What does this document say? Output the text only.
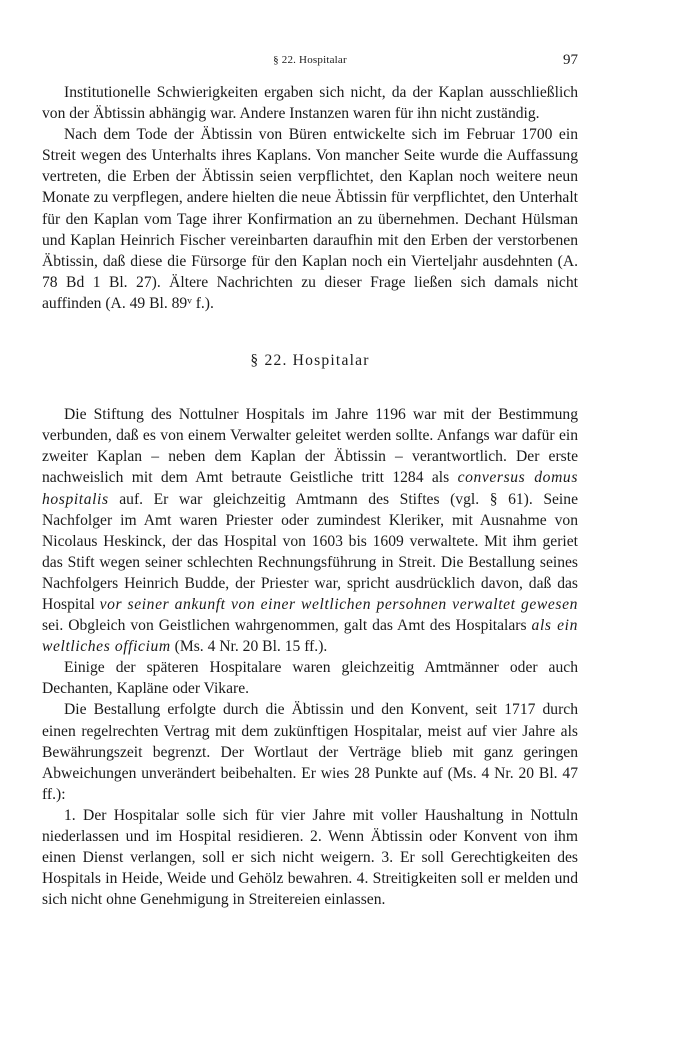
§ 22. Hospitalar	97

Institutionelle Schwierigkeiten ergaben sich nicht, da der Kaplan ausschließlich von der Äbtissin abhängig war. Andere Instanzen waren für ihn nicht zuständig.

Nach dem Tode der Äbtissin von Büren entwickelte sich im Februar 1700 ein Streit wegen des Unterhalts ihres Kaplans. Von mancher Seite wurde die Auffassung vertreten, die Erben der Äbtissin seien verpflichtet, den Kaplan noch weitere neun Monate zu verpflegen, andere hielten die neue Äbtissin für verpflichtet, den Unterhalt für den Kaplan vom Tage ihrer Konfirmation an zu übernehmen. Dechant Hülsman und Kaplan Heinrich Fischer vereinbarten daraufhin mit den Erben der verstorbenen Äbtissin, daß diese die Fürsorge für den Kaplan noch ein Vierteljahr ausdehnten (A. 78 Bd 1 Bl. 27). Ältere Nachrichten zu dieser Frage ließen sich damals nicht auffinden (A. 49 Bl. 89ᵛ f.).

§ 22. Hospitalar

Die Stiftung des Nottulner Hospitals im Jahre 1196 war mit der Bestimmung verbunden, daß es von einem Verwalter geleitet werden sollte. Anfangs war dafür ein zweiter Kaplan – neben dem Kaplan der Äbtissin – verantwortlich. Der erste nachweislich mit dem Amt betraute Geistliche tritt 1284 als conversus domus hospitalis auf. Er war gleichzeitig Amtmann des Stiftes (vgl. § 61). Seine Nachfolger im Amt waren Priester oder zumindest Kleriker, mit Ausnahme von Nicolaus Heskinck, der das Hospital von 1603 bis 1609 verwaltete. Mit ihm geriet das Stift wegen seiner schlechten Rechnungsführung in Streit. Die Bestallung seines Nachfolgers Heinrich Budde, der Priester war, spricht ausdrücklich davon, daß das Hospital vor seiner ankunft von einer weltlichen persohnen verwaltet gewesen sei. Obgleich von Geistlichen wahrgenommen, galt das Amt des Hospitalars als ein weltliches officium (Ms. 4 Nr. 20 Bl. 15 ff.).

Einige der späteren Hospitalare waren gleichzeitig Amtmänner oder auch Dechanten, Kapläne oder Vikare.

Die Bestallung erfolgte durch die Äbtissin und den Konvent, seit 1717 durch einen regelrechten Vertrag mit dem zukünftigen Hospitalar, meist auf vier Jahre als Bewährungszeit begrenzt. Der Wortlaut der Verträge blieb mit ganz geringen Abweichungen unverändert beibehalten. Er wies 28 Punkte auf (Ms. 4 Nr. 20 Bl. 47 ff.):

1. Der Hospitalar solle sich für vier Jahre mit voller Haushaltung in Nottuln niederlassen und im Hospital residieren. 2. Wenn Äbtissin oder Konvent von ihm einen Dienst verlangen, soll er sich nicht weigern. 3. Er soll Gerechtigkeiten des Hospitals in Heide, Weide und Gehölz bewahren. 4. Streitigkeiten soll er melden und sich nicht ohne Genehmigung in Streitereien einlassen.
